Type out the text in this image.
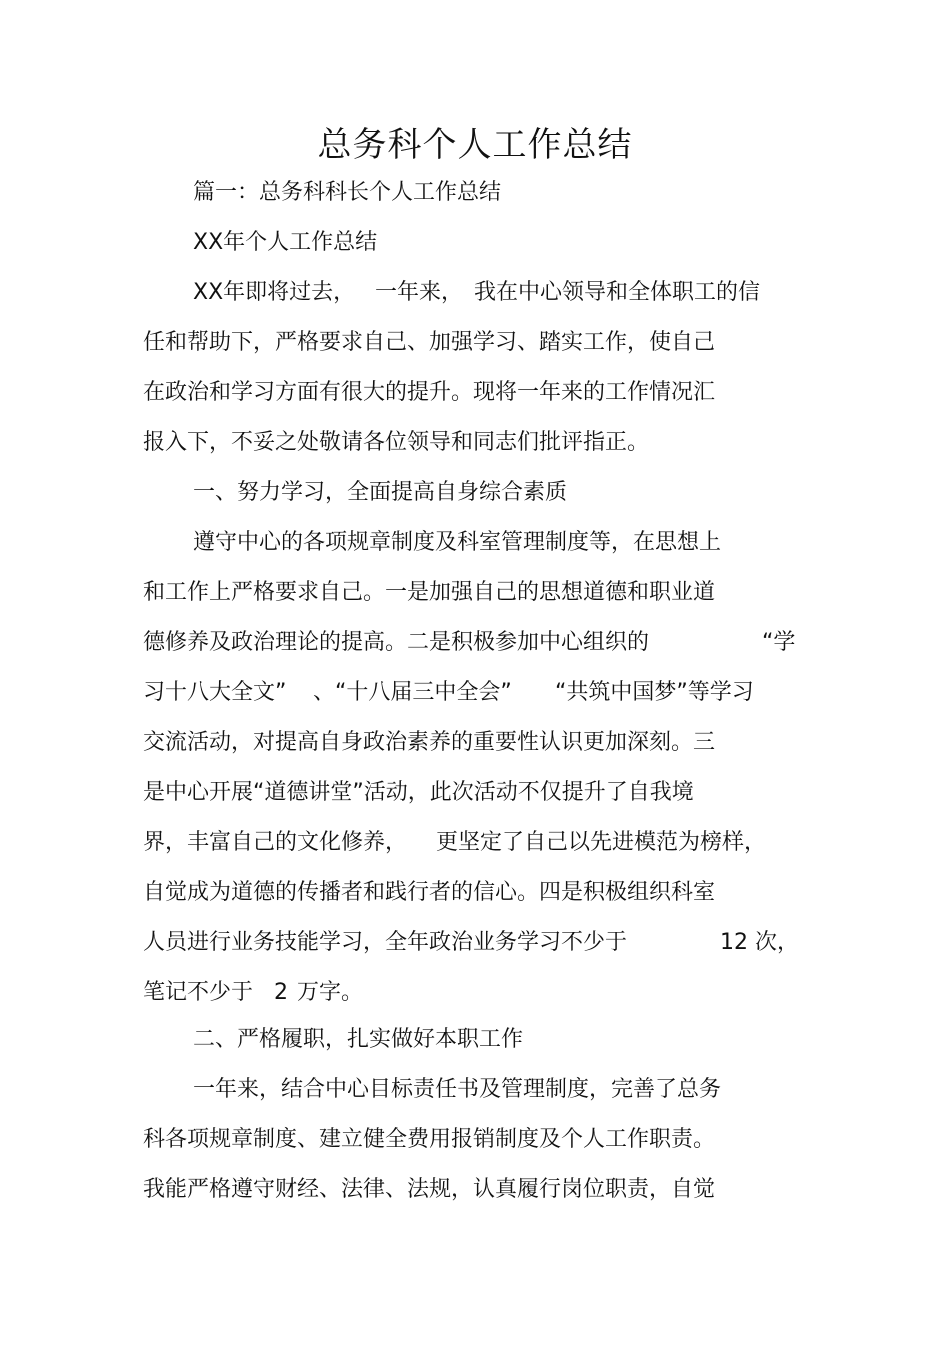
总务科个人工作总结
篇一：总务科科长个人工作总结
XX年个人工作总结
XX年即将过去， 一年来， 我在中心领导和全体职工的信
任和帮助下，严格要求自己、加强学习、踏实工作，使自己
在政治和学习方面有很大的提升。现将一年来的工作情况汇
报入下，不妥之处敬请各位领导和同志们批评指正。
一、努力学习，全面提高自身综合素质
遵守中心的各项规章制度及科室管理制度等，在思想上
和工作上严格要求自己。一是加强自己的思想道德和职业道
德修养及政治理论的提高。二是积极参加中心组织的	“学
习十八大全文” 、“十八届三中全会” “共筑中国梦”等学习
交流活动，对提高自身政治素养的重要性认识更加深刻。三
是中心开展“道德讲堂”活动，此次活动不仅提升了自我境
界，丰富自己的文化修养， 更坚定了自己以先进模范为榜样，
自觉成为道德的传播者和践行者的信心。四是积极组织科室
人员进行业务技能学习，全年政治业务学习不少于	12 次，
笔记不少于 2 万字。
二、严格履职，扎实做好本职工作
一年来，结合中心目标责任书及管理制度，完善了总务
科各项规章制度、建立健全费用报销制度及个人工作职责。
我能严格遵守财经、法律、法规，认真履行岗位职责，自觉
